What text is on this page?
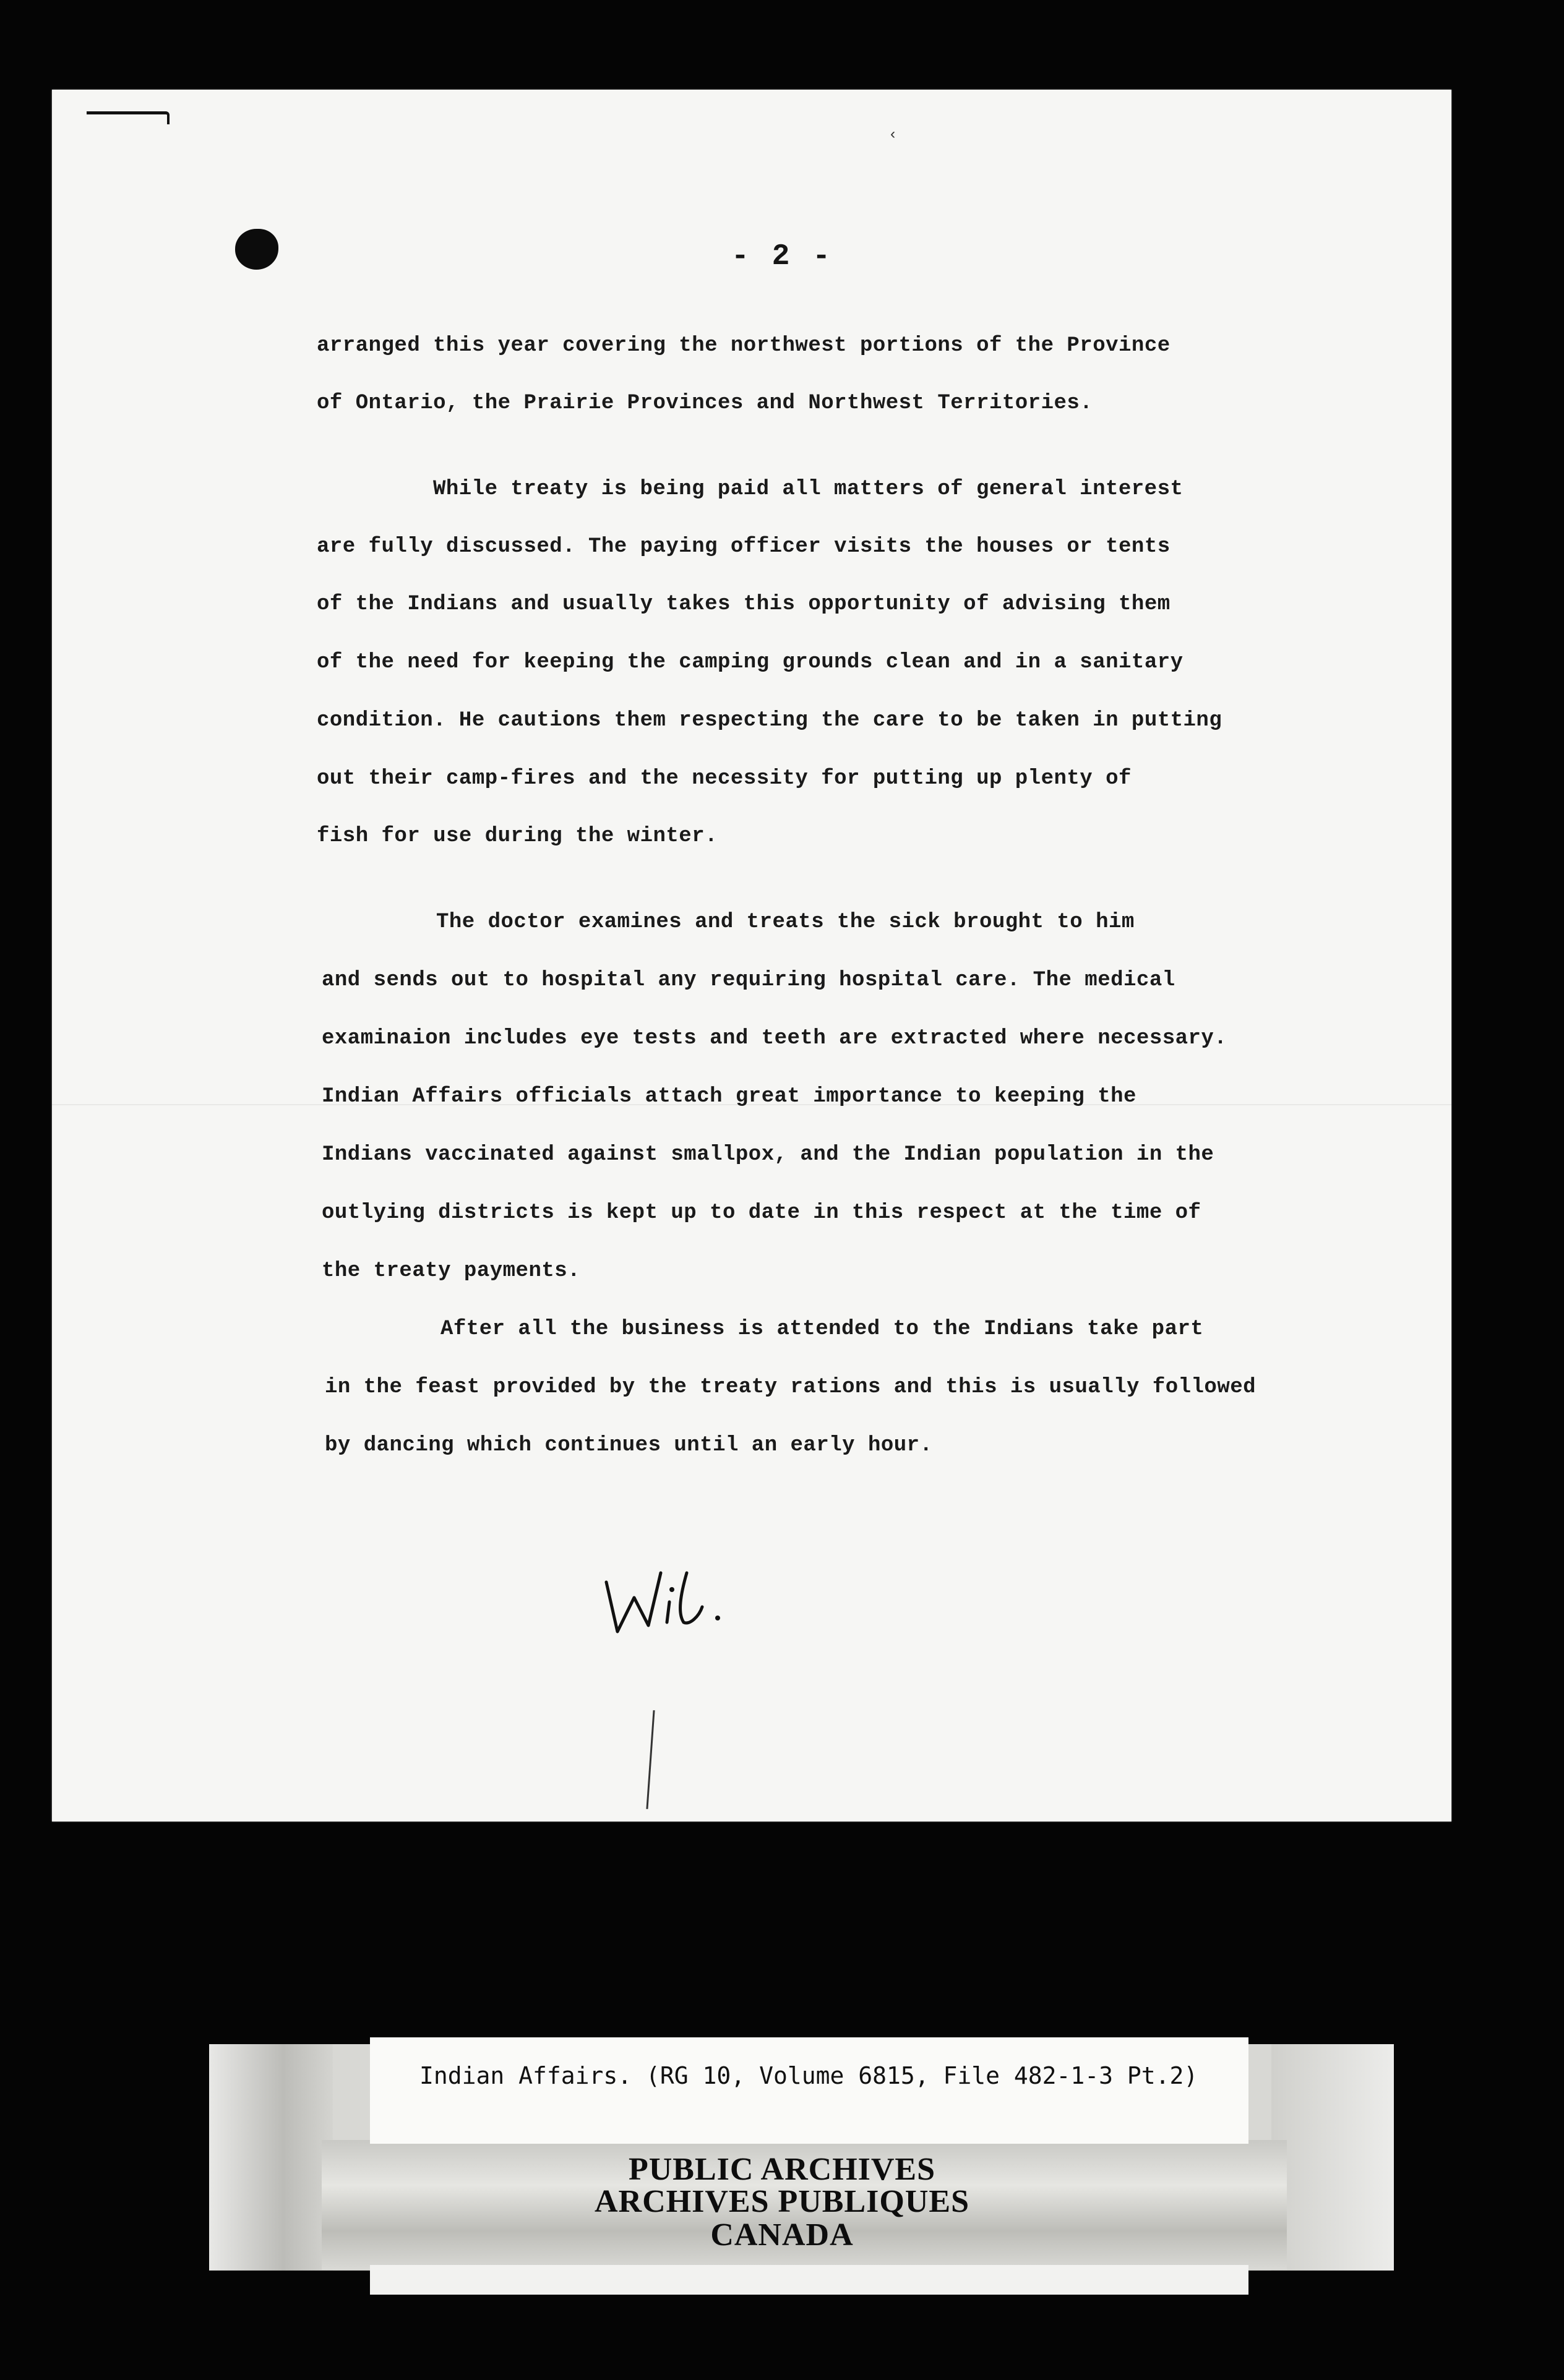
‹
- 2 -
arranged this year covering the northwest portions of the Province
of Ontario, the Prairie Provinces and Northwest Territories.
While treaty is being paid all matters of general interest
are fully discussed. The paying officer visits the houses or tents
of the Indians and usually takes this opportunity of advising them
of the need for keeping the camping grounds clean and in a sanitary
condition. He cautions them respecting the care to be taken in putting
out their camp-fires and the necessity for putting up plenty of
fish for use during the winter.
The doctor examines and treats the sick brought to him
and sends out to hospital any requiring hospital care. The medical
examinaion includes eye tests and teeth are extracted where necessary.
Indian Affairs officials attach great importance to keeping the
Indians vaccinated against smallpox, and the Indian population in the
outlying districts is kept up to date in this respect at the time of
the treaty payments.
After all the business is attended to the Indians take part
in the feast provided by the treaty rations and this is usually followed
by dancing which continues until an early hour.
Indian Affairs. (RG 10, Volume 6815, File 482-1-3 Pt.2)
PUBLIC ARCHIVES
ARCHIVES PUBLIQUES
CANADA
